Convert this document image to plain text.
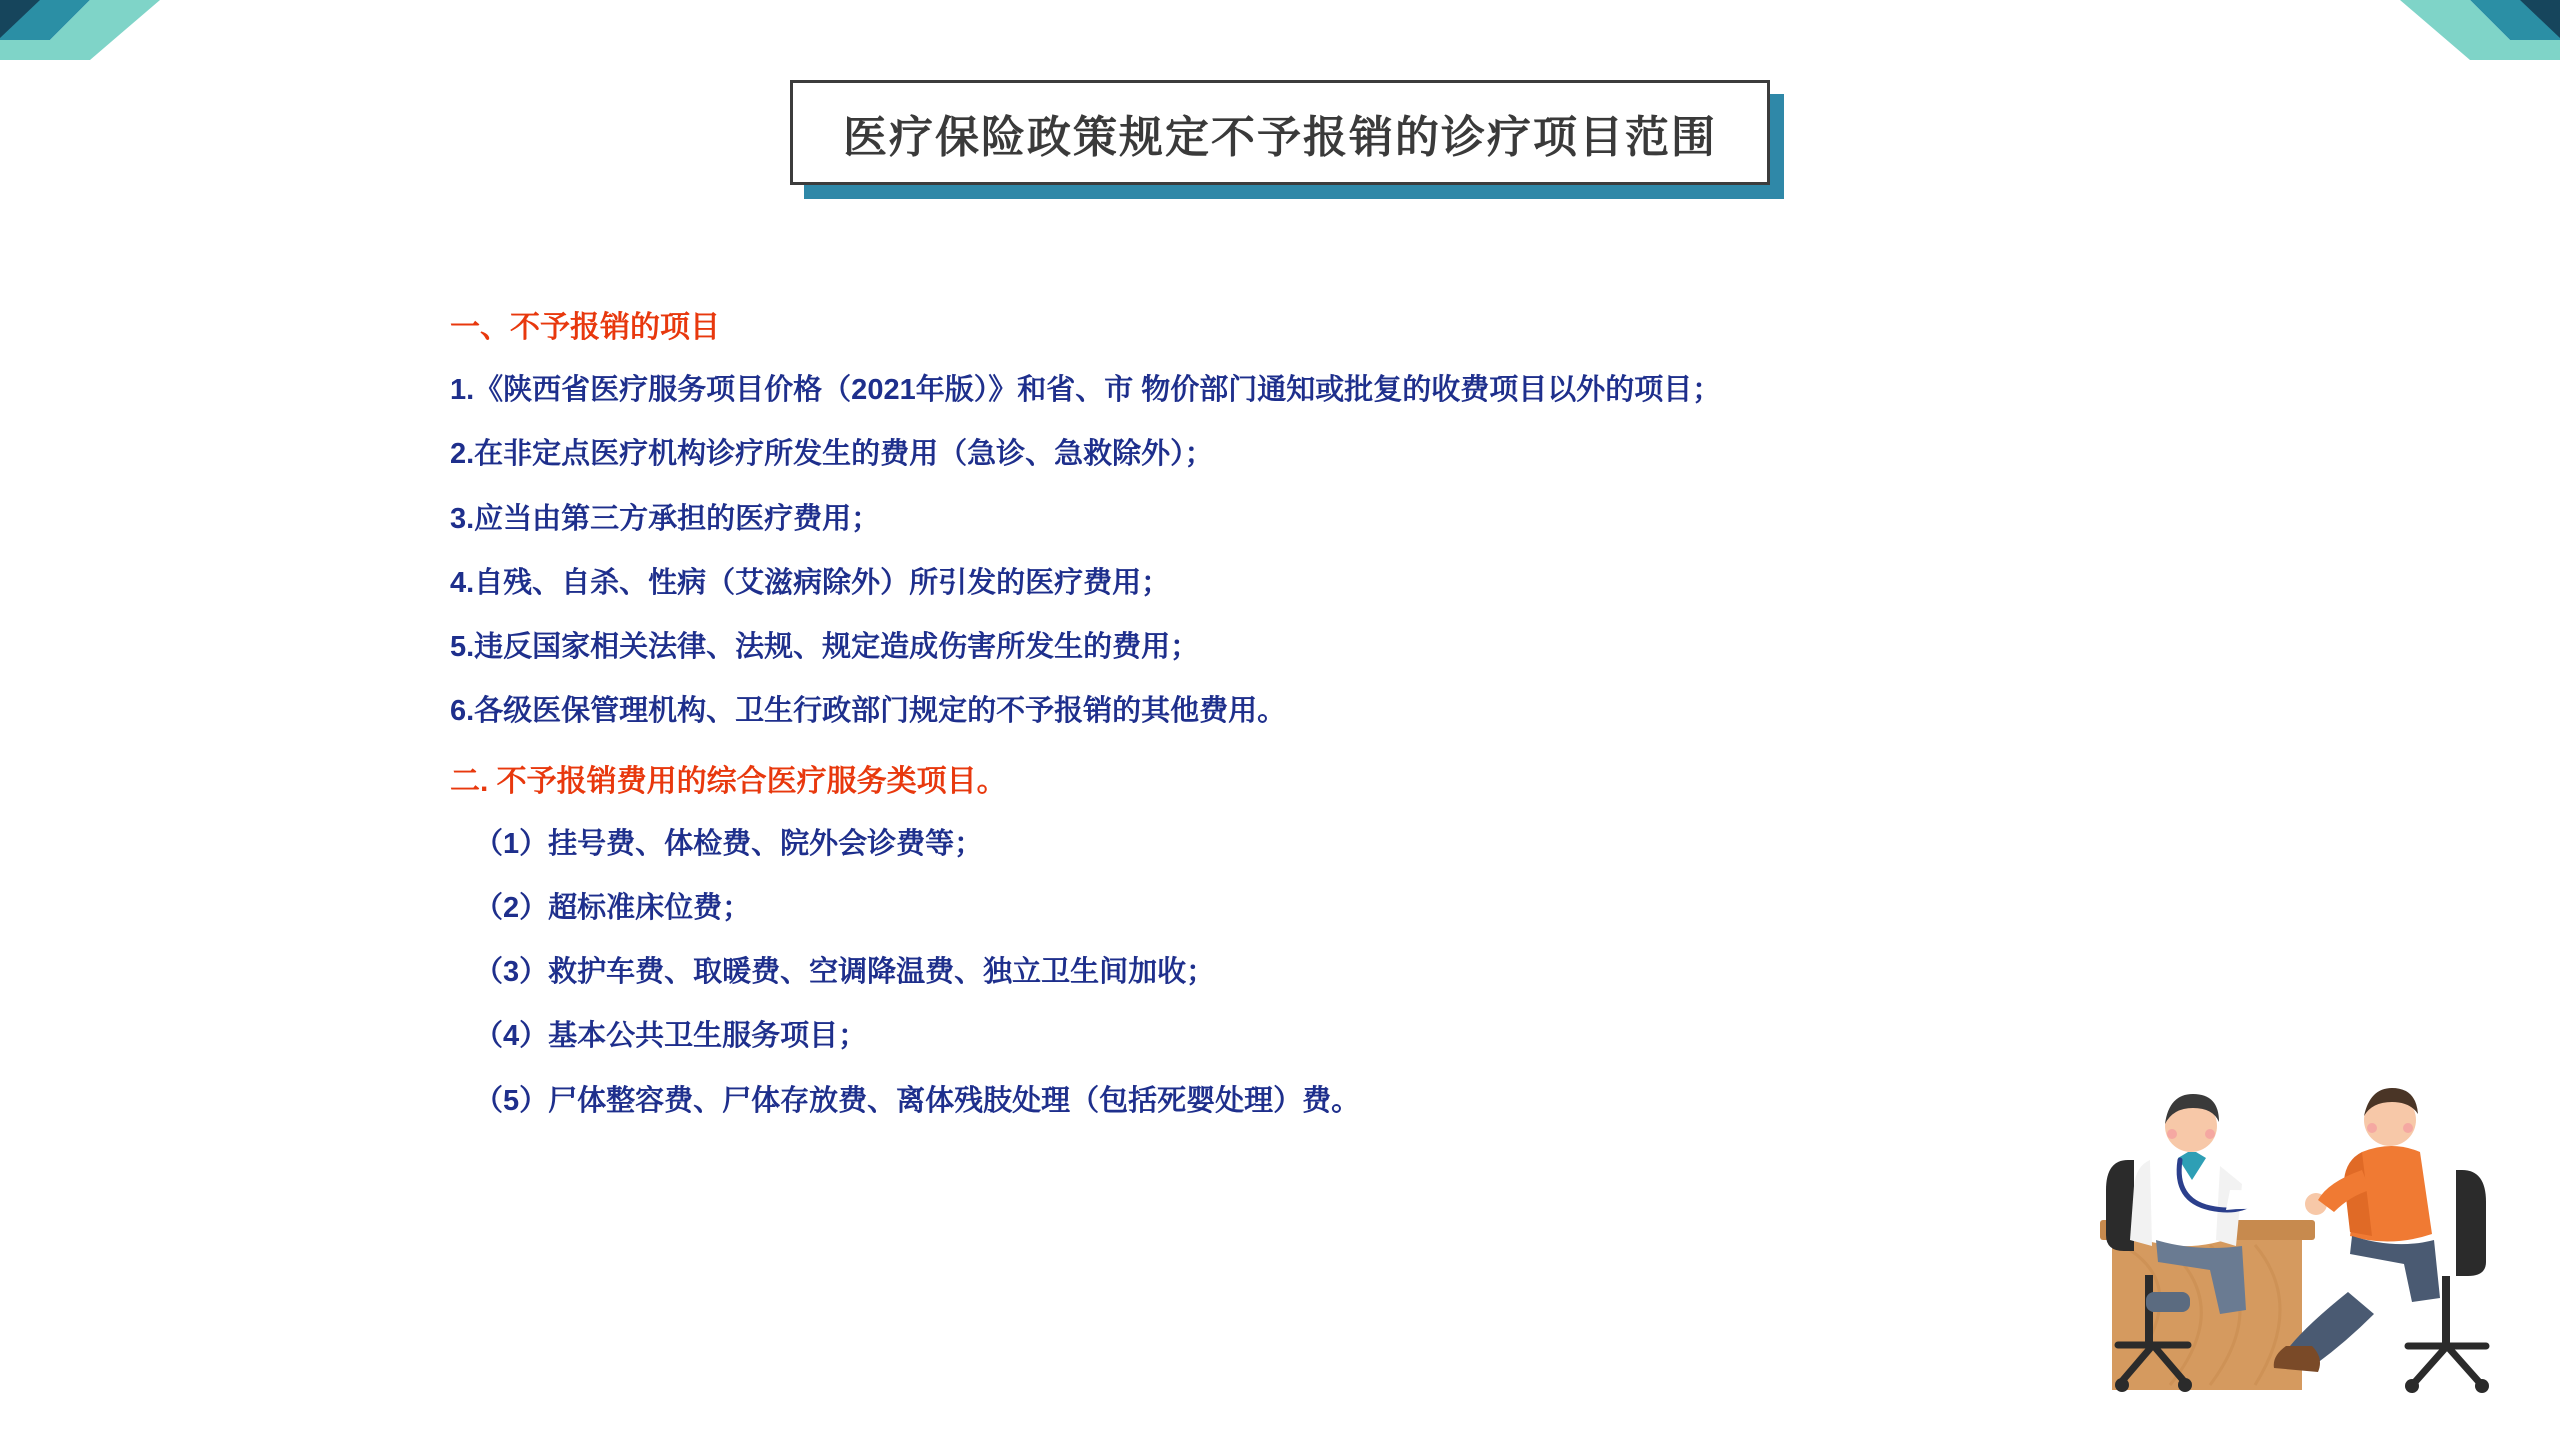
医疗保险政策规定不予报销的诊疗项目范围

一、不予报销的项目

1.《陕西省医疗服务项目价格（2021年版）》和省、市 物价部门通知或批复的收费项目以外的项目；

2.在非定点医疗机构诊疗所发生的费用（急诊、急救除外）；

3.应当由第三方承担的医疗费用；

4.自残、自杀、性病（艾滋病除外）所引发的医疗费用；

5.违反国家相关法律、法规、规定造成伤害所发生的费用；

6.各级医保管理机构、卫生行政部门规定的不予报销的其他费用。

二. 不予报销费用的综合医疗服务类项目。

（1）挂号费、体检费、院外会诊费等；

（2）超标准床位费；

（3）救护车费、取暖费、空调降温费、独立卫生间加收；

（4）基本公共卫生服务项目；

（5）尸体整容费、尸体存放费、离体残肢处理（包括死婴处理）费。
